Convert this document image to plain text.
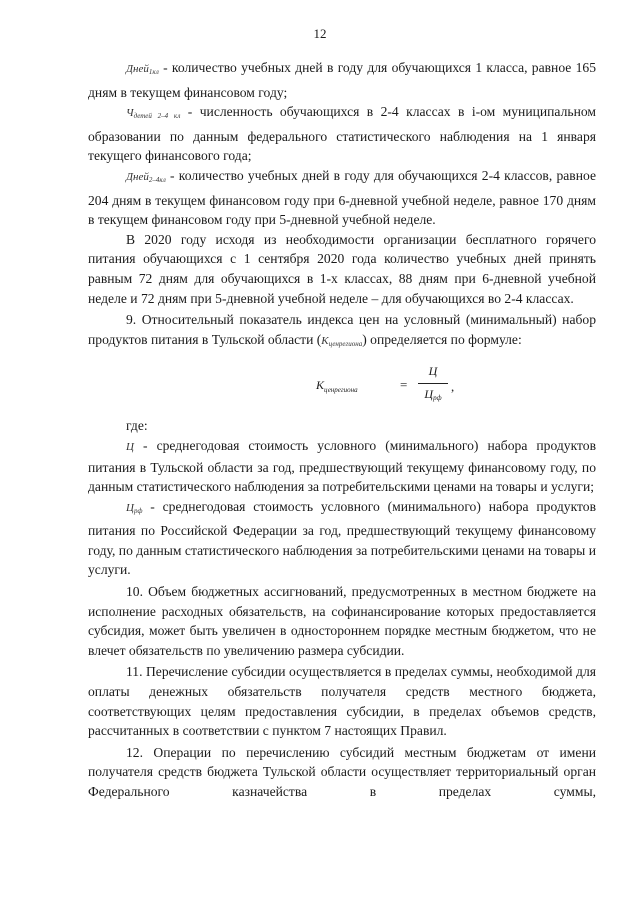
12

Дней$_{1кл}$ - количество учебных дней в году для обучающихся 1 класса, равное 165 дням в текущем финансовом году;

$Ч_{детей 2-4 кл}$ - численность обучающихся в 2-4 классах в i-ом муниципальном образовании по данным федерального статистического наблюдения на 1 января текущего финансового года;

Дней$_{2-4кл}$ - количество учебных дней в году для обучающихся 2-4 классов, равное 204 дням в текущем финансовом году при 6-дневной учебной неделе, равное 170 дням в текущем финансовом году при 5-дневной учебной неделе.

В 2020 году исходя из необходимости организации бесплатного горячего питания обучающихся с 1 сентября 2020 года количество учебных дней принять равным 72 дням для обучающихся в 1-х классах, 88 дням при 6-дневной учебной неделе и 72 дням при 5-дневной учебной неделе – для обучающихся во 2-4 классах.

9. Относительный показатель индекса цен на условный (минимальный) набор продуктов питания в Тульской области $(K_{ценрегиона})$ определяется по формуле:

$K_{ценрегиона}$	=
Ц
$Ц_{рф}$
,

где:

Ц - среднегодовая стоимость условного (минимального) набора продуктов питания в Тульской области за год, предшествующий текущему финансовому году, по данным статистического наблюдения за потребительскими ценами на товары и услуги;

$Ц_{рф}$ - среднегодовая стоимость условного (минимального) набора продуктов питания по Российской Федерации за год, предшествующий текущему финансовому году, по данным статистического наблюдения за потребительскими ценами на товары и услуги.

10. Объем бюджетных ассигнований, предусмотренных в местном бюджете на исполнение расходных обязательств, на софинансирование которых предоставляется субсидия, может быть увеличен в одностороннем порядке местным бюджетом, что не влечет обязательств по увеличению размера субсидии.

11. Перечисление субсидии осуществляется в пределах суммы, необходимой для оплаты денежных обязательств получателя средств местного бюджета, соответствующих целям предоставления субсидии, в пределах объемов средств, рассчитанных в соответствии с пунктом 7 настоящих Правил.

12. Операции по перечислению субсидий местным бюджетам от имени получателя средств бюджета Тульской области осуществляет территориальный орган Федерального казначейства в пределах суммы,
